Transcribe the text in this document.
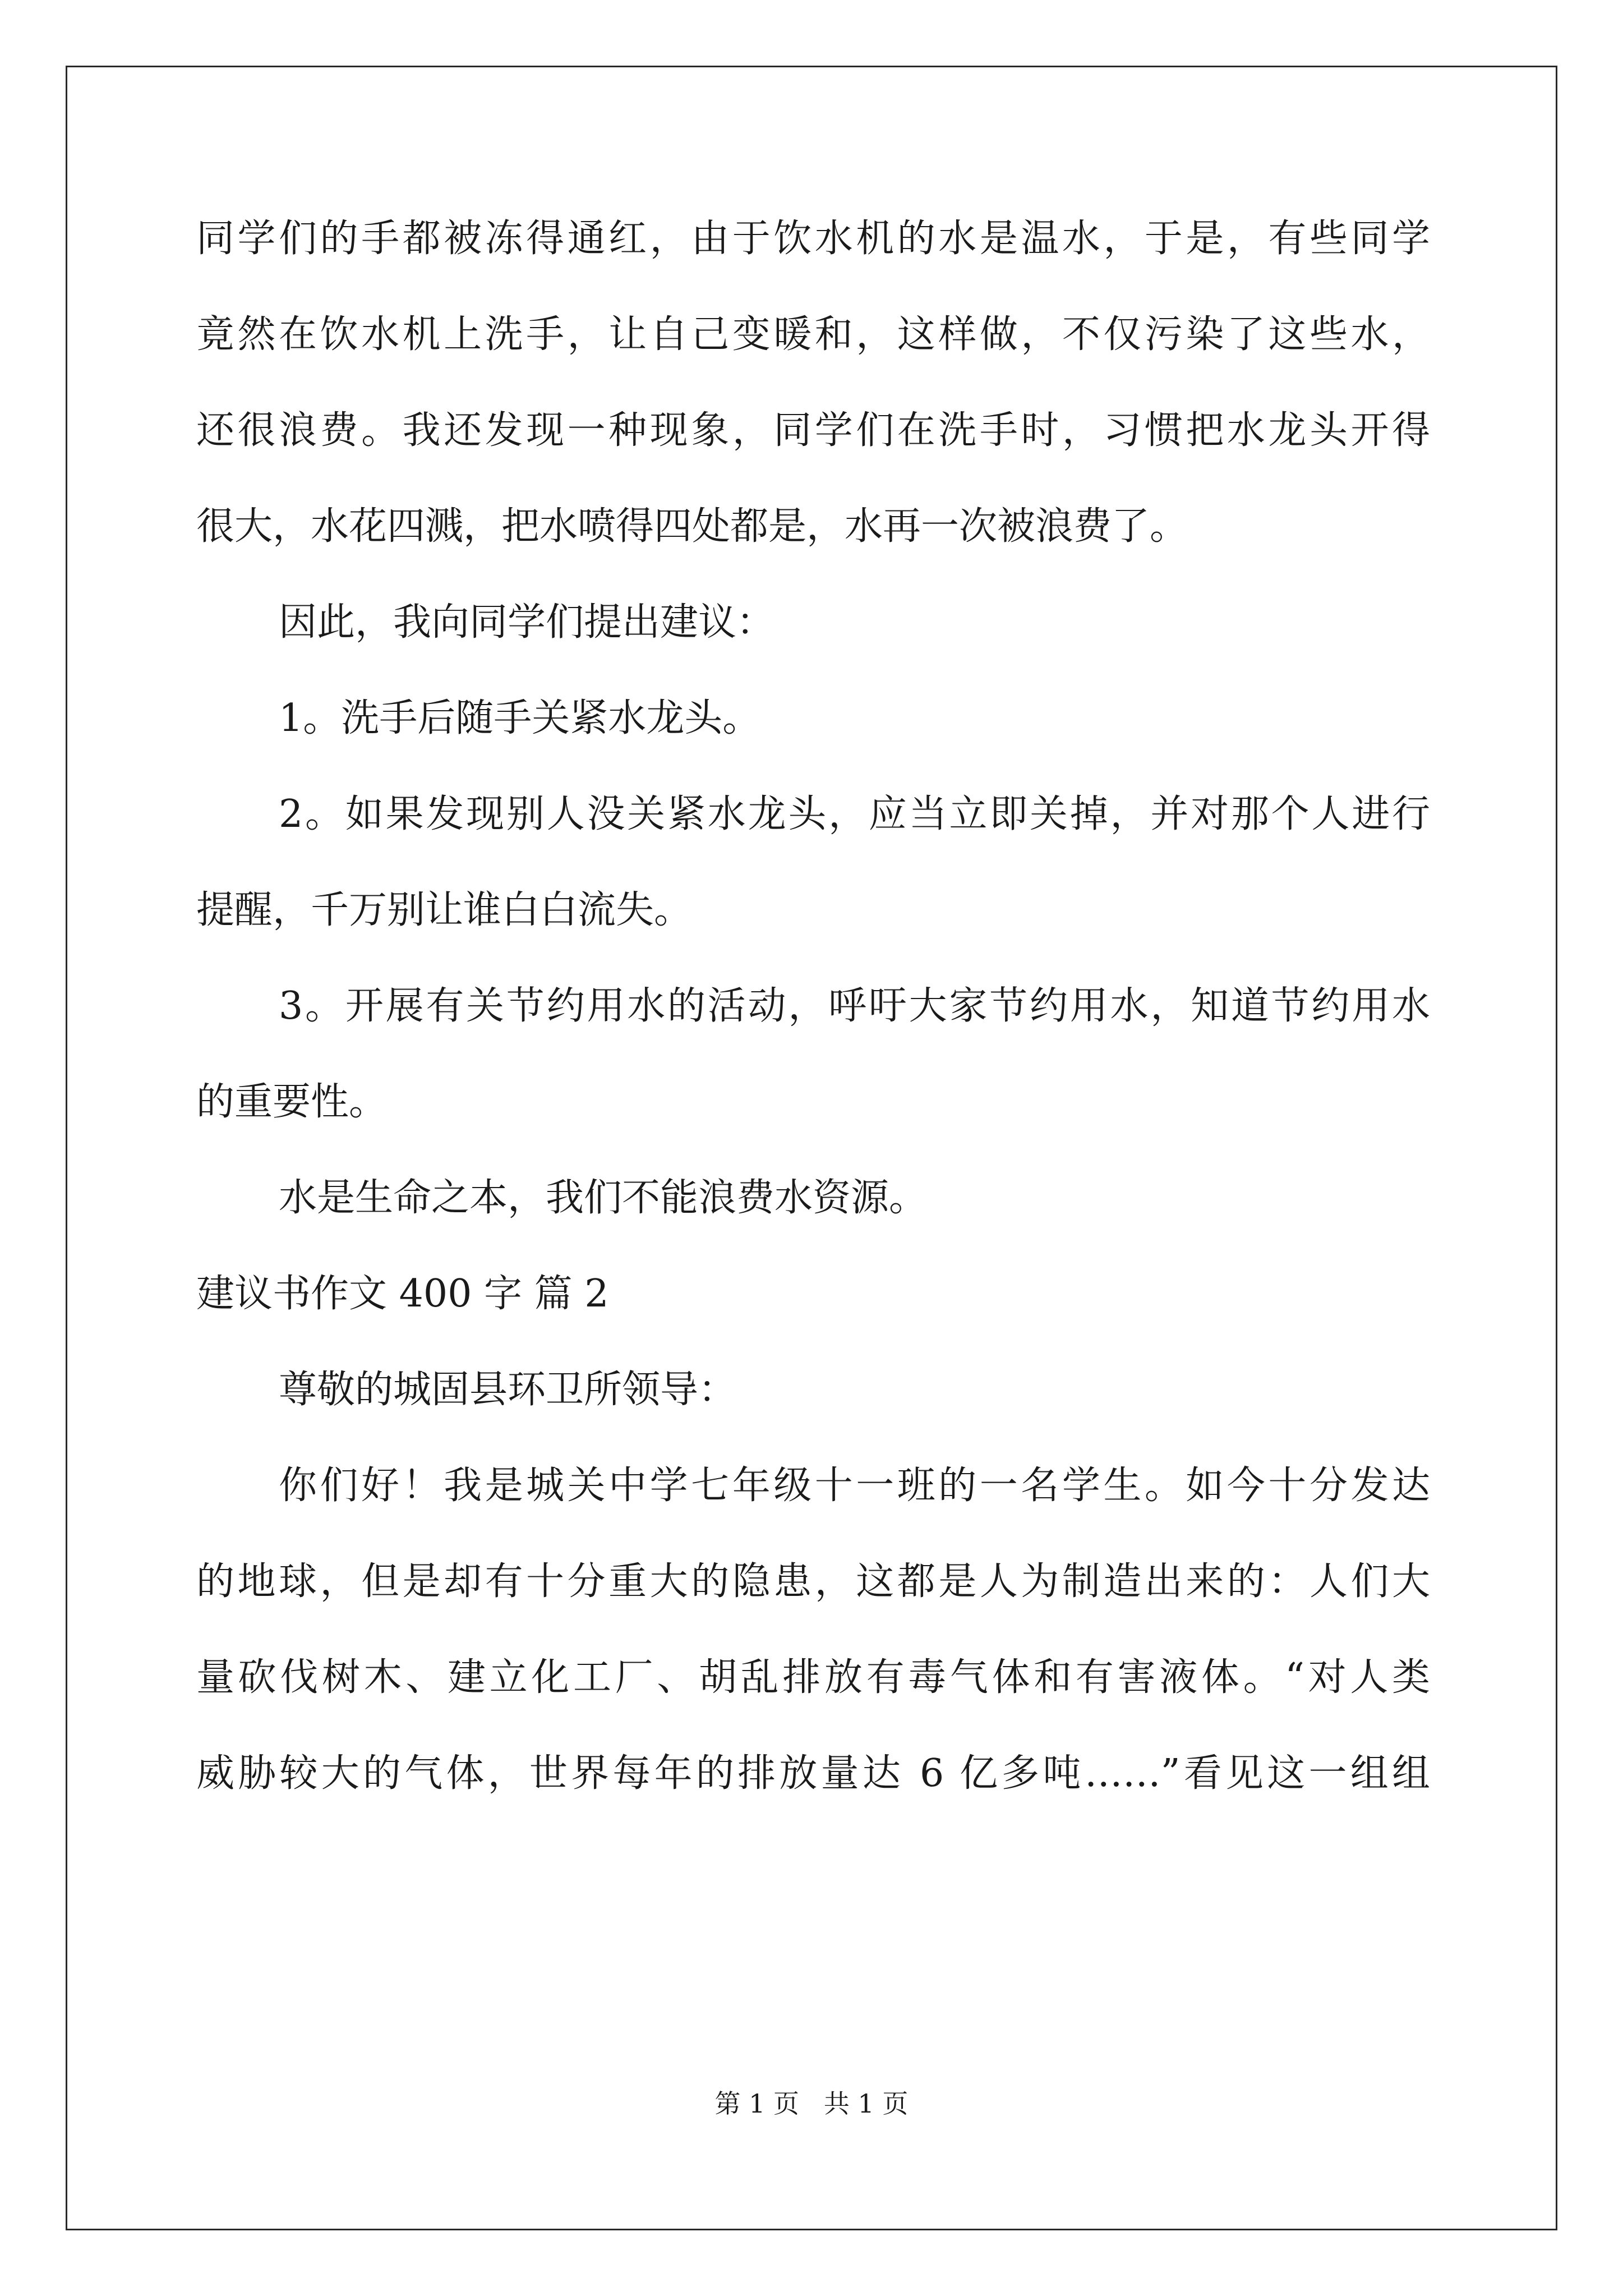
同学们的手都被冻得通红，由于饮水机的水是温水，于是，有些同学
竟然在饮水机上洗手，让自己变暖和，这样做，不仅污染了这些水，
还很浪费。我还发现一种现象，同学们在洗手时，习惯把水龙头开得
很大，水花四溅，把水喷得四处都是，水再一次被浪费了。
因此，我向同学们提出建议：
1。洗手后随手关紧水龙头。
2。如果发现别人没关紧水龙头，应当立即关掉，并对那个人进行
提醒，千万别让谁白白流失。
3。开展有关节约用水的活动，呼吁大家节约用水，知道节约用水
的重要性。
水是生命之本，我们不能浪费水资源。
建议书作文 400 字 篇 2
尊敬的城固县环卫所领导：
你们好！我是城关中学七年级十一班的一名学生。如今十分发达
的地球，但是却有十分重大的隐患，这都是人为制造出来的：人们大
量砍伐树木、建立化工厂、胡乱排放有毒气体和有害液体。“对人类
威胁较大的气体，世界每年的排放量达 6 亿多吨……”看见这一组组
第 1 页   共 1 页
